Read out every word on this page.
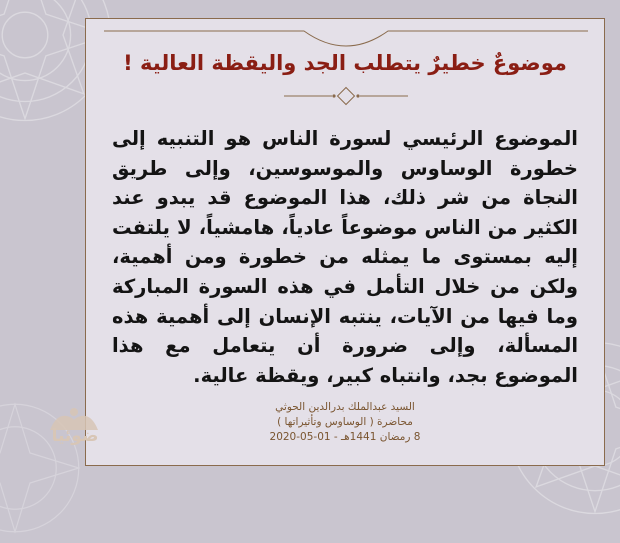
موضوعٌ خطيرٌ يتطلب الجد واليقظة العالية !
الموضوع الرئيسي لسورة الناس هو التنبيه إلى خطورة الوساوس والموسوسين، وإلى طريق النجاة من شر ذلك، هذا الموضوع قد يبدو عند الكثير من الناس موضوعاً عادياً، هامشياً، لا يلتفت إليه بمستوى ما يمثله من خطورة ومن أهمية، ولكن من خلال التأمل في هذه السورة المباركة وما فيها من الآيات، ينتبه الإنسان إلى أهمية هذه المسألة، وإلى ضرورة أن يتعامل مع هذا الموضوع بجد، وانتباه كبير، ويقظة عالية.
السيد عبدالملك بدرالدين الحوثي
محاضرة ( الوساوس وتأثيراتها )
8 رمضان 1441هـ - 01-05-2020
ضوئيا
